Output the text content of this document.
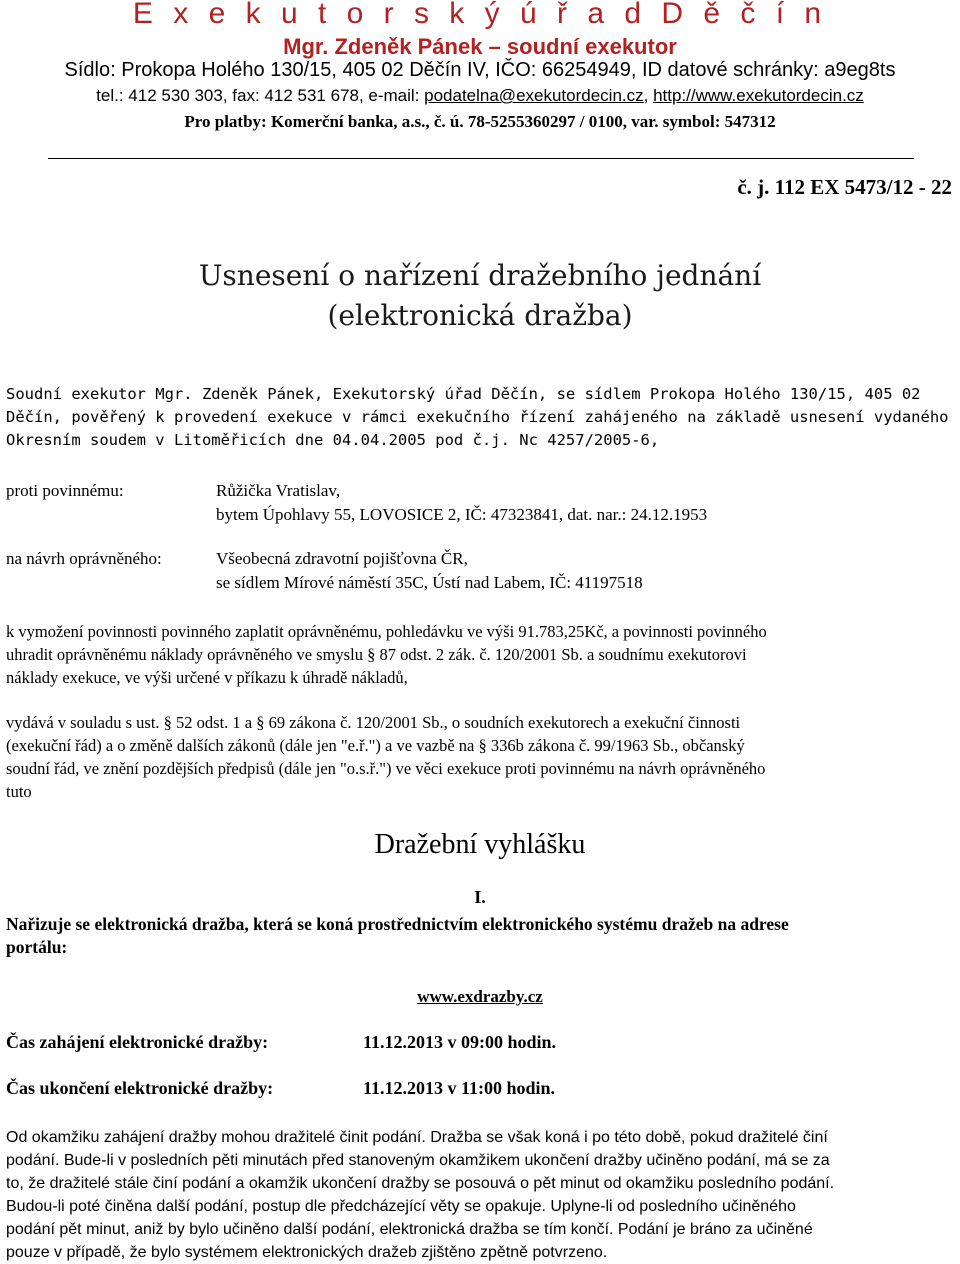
E x e k u t o r s k ý ú ř a d D ě č í n
Mgr. Zdeněk Pánek – soudní exekutor
Sídlo: Prokopa Holého 130/15, 405 02 Děčín IV, IČO: 66254949, ID datové schránky: a9eg8ts
tel.: 412 530 303, fax: 412 531 678, e-mail: podatelna@exekutordecin.cz, http://www.exekutordecin.cz
Pro platby: Komerční banka, a.s., č. ú. 78-5255360297 / 0100, var. symbol: 547312
č. j. 112 EX 5473/12 - 22
Usnesení o nařízení dražebního jednání
(elektronická dražba)
Soudní exekutor Mgr. Zdeněk Pánek, Exekutorský úřad Děčín, se sídlem Prokopa Holého 130/15, 405 02
Děčín, pověřený k provedení exekuce v rámci exekučního řízení zahájeného na základě usnesení vydaného
Okresním soudem v Litoměřicích dne 04.04.2005 pod č.j. Nc 4257/2005-6,
proti povinnému:	Růžička Vratislav,
bytem Úpohlavy 55, LOVOSICE 2, IČ: 47323841, dat. nar.: 24.12.1953
na návrh oprávněného:	Všeobecná zdravotní pojišťovna ČR,
se sídlem Mírové náměstí 35C, Ústí nad Labem, IČ: 41197518
k vymožení povinnosti povinného zaplatit oprávněnému, pohledávku ve výši 91.783,25Kč, a povinnosti povinného
uhradit oprávněnému náklady oprávněného ve smyslu § 87 odst. 2 zák. č. 120/2001 Sb. a soudnímu exekutorovi
náklady exekuce, ve výši určené v příkazu k úhradě nákladů,
vydává v souladu s ust. § 52 odst. 1 a § 69 zákona č. 120/2001 Sb., o soudních exekutorech a exekuční činnosti
(exekuční řád) a o změně dalších zákonů (dále jen "e.ř.") a ve vazbě na § 336b zákona č. 99/1963 Sb., občanský
soudní řád, ve znění pozdějších předpisů (dále jen "o.s.ř.") ve věci exekuce proti povinnému na návrh oprávněného
tuto
Dražební vyhlášku
I.
Nařizuje se elektronická dražba, která se koná prostřednictvím elektronického systému dražeb na adrese
portálu:
www.exdrazby.cz
Čas zahájení elektronické dražby:	11.12.2013 v 09:00 hodin.
Čas ukončení elektronické dražby:	11.12.2013 v 11:00 hodin.
Od okamžiku zahájení dražby mohou dražitelé činit podání. Dražba se však koná i po této době, pokud dražitelé činí
podání. Bude-li v posledních pěti minutách před stanoveným okamžikem ukončení dražby učiněno podání, má se za
to, že dražitelé stále činí podání a okamžik ukončení dražby se posouvá o pět minut od okamžiku posledního podání.
Budou-li poté činěna další podání, postup dle předcházející věty se opakuje. Uplyne-li od posledního učiněného
podání pět minut, aniž by bylo učiněno další podání, elektronická dražba se tím končí. Podání je bráno za učiněné
pouze v případě, že bylo systémem elektronických dražeb zjištěno zpětně potvrzeno.
